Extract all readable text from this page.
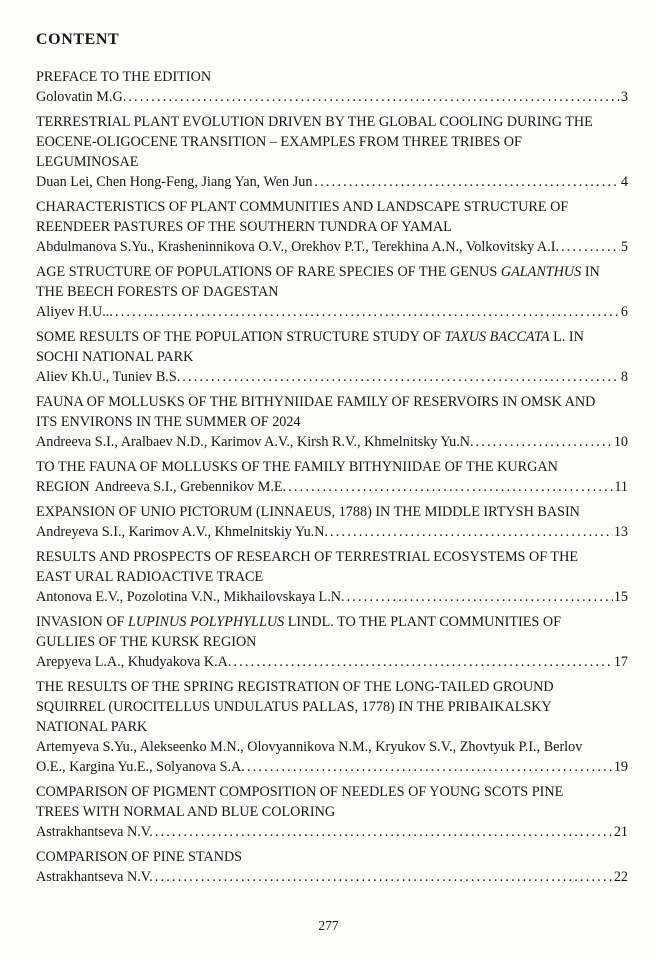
CONTENT
PREFACE TO THE EDITION
Golovatin M.G. .....	3
TERRESTRIAL PLANT EVOLUTION DRIVEN BY THE GLOBAL COOLING DURING THE
EOCENE-OLIGOCENE TRANSITION – EXAMPLES FROM THREE TRIBES OF
LEGUMINOSAE
Duan Lei, Chen Hong-Feng, Jiang Yan, Wen Jun .....	4
CHARACTERISTICS OF PLANT COMMUNITIES AND LANDSCAPE STRUCTURE OF
REENDEER PASTURES OF THE SOUTHERN TUNDRA OF YAMAL
Abdulmanova S.Yu., Krasheninnikova O.V., Orekhov P.T., Terekhina A.N., Volkovitsky A.I. .....	5
AGE STRUCTURE OF POPULATIONS OF RARE SPECIES OF THE GENUS GALANTHUS IN
THE BEECH FORESTS OF DAGESTAN
Aliyev H.U... .....	6
SOME RESULTS OF THE POPULATION STRUCTURE STUDY OF TAXUS BACCATA L. IN
SOCHI NATIONAL PARK
Aliev Kh.U., Tuniev B.S. .....	8
FAUNA OF MOLLUSKS OF THE BITHYNIIDAE FAMILY OF RESERVOIRS IN OMSK AND
ITS ENVIRONS IN THE SUMMER OF 2024
Andreeva S.I., Aralbaev N.D., Karimov A.V., Kirsh R.V., Khmelnitsky Yu.N. .....	10
TO THE FAUNA OF MOLLUSKS OF THE FAMILY BITHYNIIDAE OF THE KURGAN
REGION Andreeva S.I., Grebennikov M.E. .....	11
EXPANSION OF UNIO PICTORUM (LINNAEUS, 1788) IN THE MIDDLE IRTYSH BASIN
Andreyeva S.I., Karimov A.V., Khmelnitskiy Yu.N. .....	13
RESULTS AND PROSPECTS OF RESEARCH OF TERRESTRIAL ECOSYSTEMS OF THE
EAST URAL RADIOACTIVE TRACE
Antonova E.V., Pozolotina V.N., Mikhailovskaya L.N. .....	15
INVASION OF LUPINUS POLYPHYLLUS LINDL. TO THE PLANT COMMUNITIES OF
GULLIES OF THE KURSK REGION
Arepyeva L.A., Khudyakova K.A. .....	17
THE RESULTS OF THE SPRING REGISTRATION OF THE LONG-TAILED GROUND
SQUIRREL (UROCITELLUS UNDULATUS PALLAS, 1778) IN THE PRIBAIKALSKY
NATIONAL PARK
Artemyeva S.Yu., Alekseenko M.N., Olovyannikova N.M., Kryukov S.V., Zhovtyuk P.I., Berlov
O.E., Kargina Yu.E., Solyanova S.A. .....	19
COMPARISON OF PIGMENT COMPOSITION OF NEEDLES OF YOUNG SCOTS PINE
TREES WITH NORMAL AND BLUE COLORING
Astrakhantseva N.V. .....	21
COMPARISON OF PINE STANDS
Astrakhantseva N.V. .....	22
277
